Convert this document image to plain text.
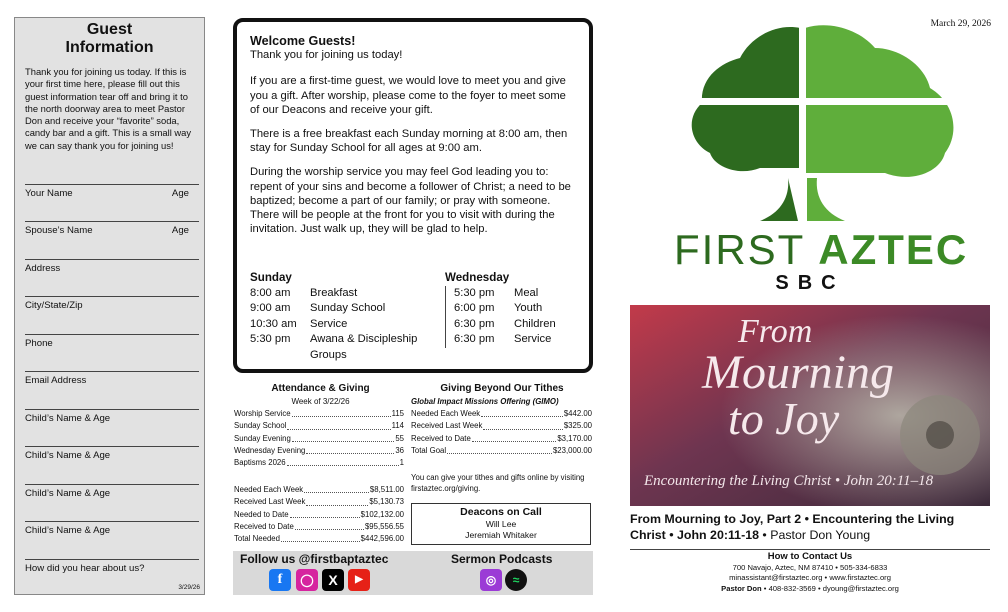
Guest
Information
Thank you for joining us today. If this is your first time here, please fill out this guest information tear off and bring it to the north doorway area to meet Pastor Don and receive your “favorite” soda, candy bar and a gift. This is a small way we can say thank you for joining us!
Your Name	Age
Spouse’s Name	Age
Address
City/State/Zip
Phone
Email Address
Child’s Name & Age
Child’s Name & Age
Child’s Name & Age
Child’s Name & Age
How did you hear about us?
3/29/26
Welcome Guests!

Thank you for joining us today!

If you are a first-time guest, we would love to meet you and give you a gift. After worship, please come to the foyer to meet some of our Deacons and receive your gift.

There is a free breakfast each Sunday morning at 8:00 am, then stay for Sunday School for all ages at 9:00 am.

During the worship service you may feel God leading you to: repent of your sins and become a follower of Christ; a need to be baptized; become a part of our family; or pray with someone. There will be people at the front for you to visit with during the invitation. Just walk up, they will be glad to help.

Sunday
8:00 am	Breakfast
9:00 am	Sunday School
10:30 am	Service
5:30 pm	Awana & Discipleship
Groups
Wednesday
5:30 pm	Meal
6:00 pm	Youth
6:30 pm	Children
6:30 pm	Service
Attendance & Giving
Week of 3/22/26
Worship Service	115
Sunday School	114
Sunday Evening	55
Wednesday Evening	36
Baptisms 2026	1
Needed Each Week	$8,511.00
Received Last Week	$5,130.73
Needed to Date	$102,132.00
Received to Date	$95,556.55
Total Needed	$442,596.00
Giving Beyond Our Tithes
Global Impact Missions Offering (GIMO)
Needed Each Week	$442.00
Received Last Week	$325.00
Received to Date	$3,170.00
Total Goal	$23,000.00
You can give your tithes and gifts online by visiting firstaztec.org/giving.
Deacons on Call
Will Lee
Jeremiah Whitaker
Follow us @firstbaptaztec
f	◯	X	▶
Sermon Podcasts
◎	≈
March 29, 2026
FIRST AZTEC
SBC
From
Mourning
to Joy
Encountering the Living Christ • John 20:11–18
From Mourning to Joy, Part 2 • Encountering the Living Christ • John 20:11-18 • Pastor Don Young
How to Contact Us
700 Navajo, Aztec, NM 87410 • 505-334-6833
minassistant@firstaztec.org • www.firstaztec.org
Pastor Don • 408-832-3569 • dyoung@firstaztec.org
